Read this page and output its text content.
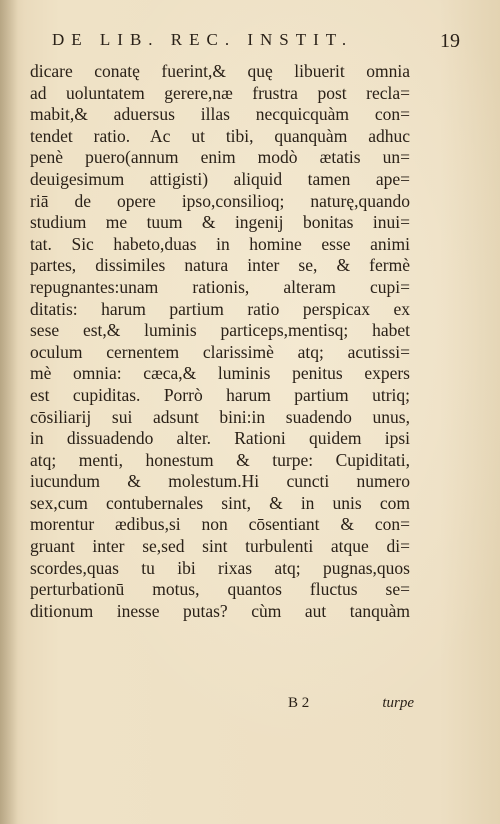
DE LIB. REC. INSTIT.	19
dicare conatę fuerint,& quę libuerit omnia
ad uoluntatem gerere,næ frustra post recla=
mabit,& aduersus illas necquicquàm con=
tendet ratio. Ac ut tibi, quanquàm adhuc
penè puero(annum enim modò ætatis un=
deuigesimum attigisti) aliquid tamen ape=
riā de opere ipso,consilioq; naturę,quando
studium me tuum & ingenij bonitas inui=
tat. Sic habeto,duas in homine esse animi
partes, dissimiles natura inter se, & fermè
repugnantes:unam rationis, alteram cupi=
ditatis: harum partium ratio perspicax ex
sese est,& luminis particeps,mentisq; habet
oculum cernentem clarissimè atq; acutissi=
mè omnia: cæca,& luminis penitus expers
est cupiditas. Porrò harum partium utriq;
cōsiliarij sui adsunt bini:in suadendo unus,
in dissuadendo alter. Rationi quidem ipsi
atq; menti, honestum & turpe: Cupiditati,
iucundum & molestum.Hi cuncti numero
sex,cum contubernales sint, & in unis com
morentur ædibus,si non cōsentiant & con=
gruant inter se,sed sint turbulenti atque di=
scordes,quas tu ibi rixas atq; pugnas,quos
perturbationū motus, quantos fluctus se=
ditionum inesse putas? cùm aut tanquàm
B 2	turpe
